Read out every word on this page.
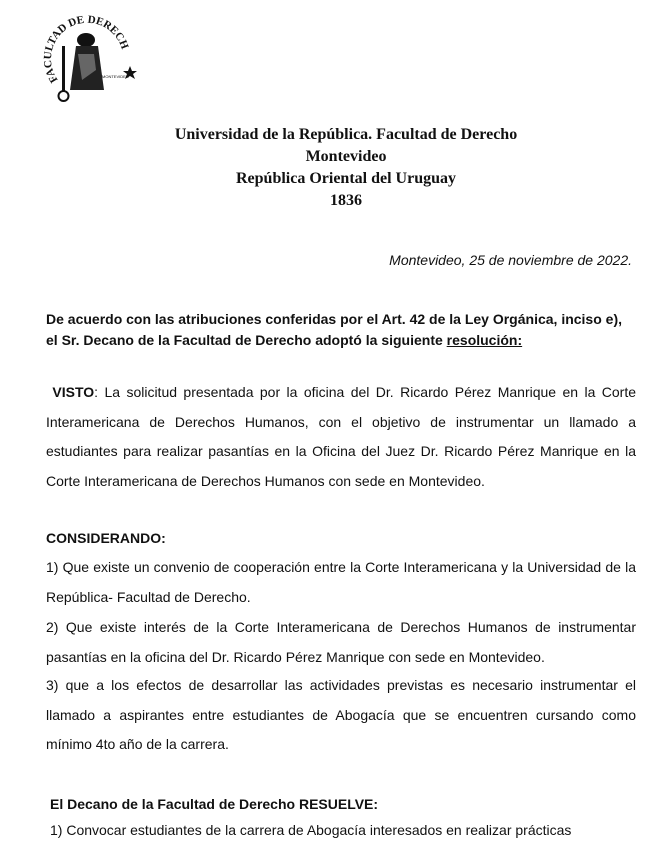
FACULTAD DE DERECH
MONTEVIDEO
Universidad de la República. Facultad de Derecho
Montevideo
República Oriental del Uruguay
1836
Montevideo, 25 de noviembre de 2022.
De acuerdo con las atribuciones conferidas por el Art. 42 de la Ley Orgánica, inciso e), el Sr. Decano de la Facultad de Derecho adoptó la siguiente resolución:
VISTO: La solicitud presentada por la oficina del Dr. Ricardo Pérez Manrique en la Corte Interamericana de Derechos Humanos, con el objetivo de instrumentar un llamado a estudiantes para realizar pasantías en la Oficina del Juez Dr. Ricardo Pérez Manrique en la Corte Interamericana de Derechos Humanos con sede en Montevideo.
CONSIDERANDO:
1) Que existe un convenio de cooperación entre la Corte Interamericana y la Universidad de la República- Facultad de Derecho.
2) Que existe interés de la Corte Interamericana de Derechos Humanos de instrumentar pasantías en la oficina del Dr. Ricardo Pérez Manrique con sede en Montevideo.
3) que a los efectos de desarrollar las actividades previstas es necesario instrumentar el llamado a aspirantes entre estudiantes de Abogacía que se encuentren cursando como mínimo 4to año de la carrera.
El Decano de la Facultad de Derecho RESUELVE:
1) Convocar estudiantes de la carrera de Abogacía interesados en realizar prácticas
